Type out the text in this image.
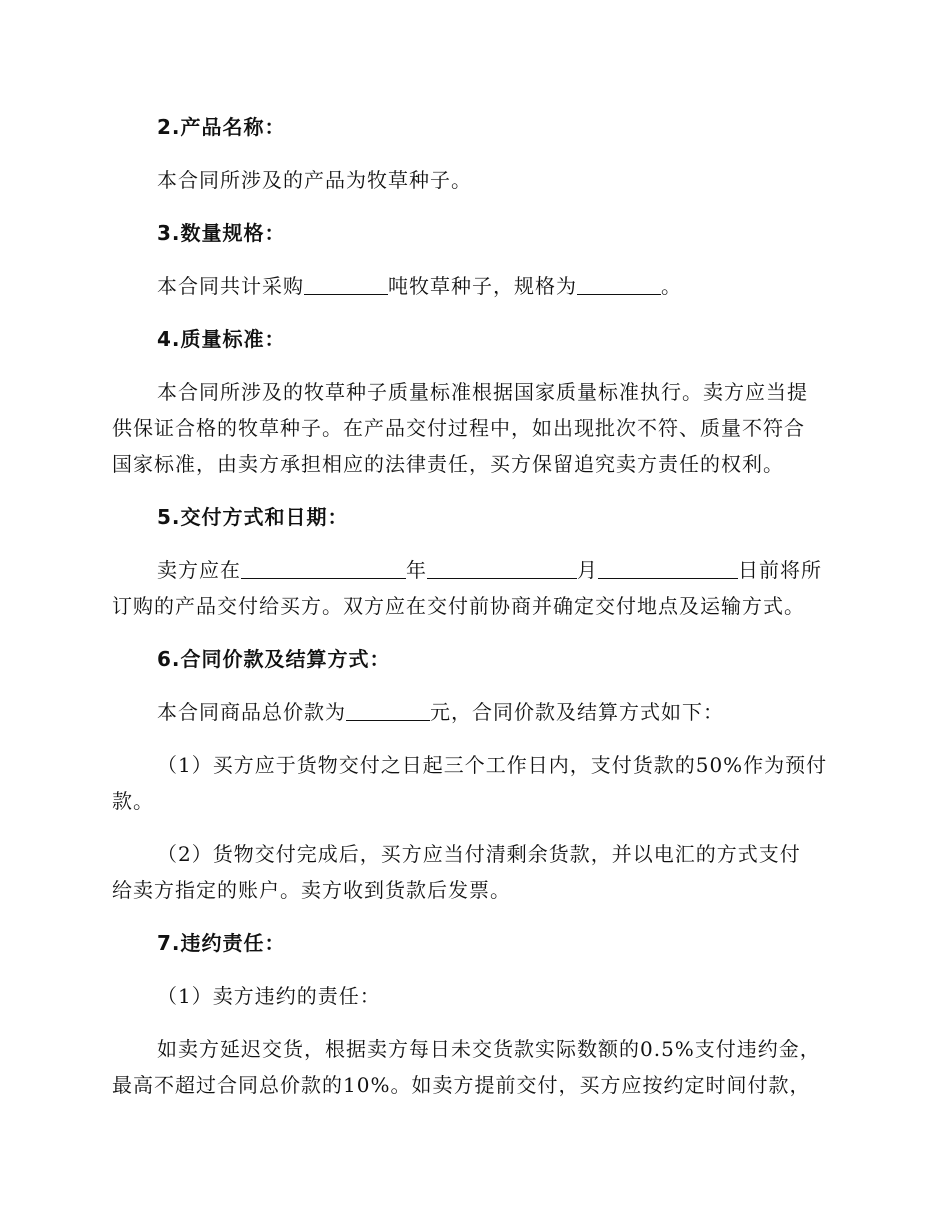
2.产品名称：
本合同所涉及的产品为牧草种子。
3.数量规格：
本合同共计采购	吨牧草种子，规格为	。
4.质量标准：
本合同所涉及的牧草种子质量标准根据国家质量标准执行。卖方应当提
供保证合格的牧草种子。在产品交付过程中，如出现批次不符、质量不符合
国家标准，由卖方承担相应的法律责任，买方保留追究卖方责任的权利。
5.交付方式和日期：
卖方应在	年	月	日前将所
订购的产品交付给买方。双方应在交付前协商并确定交付地点及运输方式。
6.合同价款及结算方式：
本合同商品总价款为	元，合同价款及结算方式如下：
（1）买方应于货物交付之日起三个工作日内，支付货款的50%作为预付
款。
（2）货物交付完成后，买方应当付清剩余货款，并以电汇的方式支付
给卖方指定的账户。卖方收到货款后发票。
7.违约责任：
（1）卖方违约的责任：
如卖方延迟交货，根据卖方每日未交货款实际数额的0.5%支付违约金，
最高不超过合同总价款的10%。如卖方提前交付，买方应按约定时间付款，
